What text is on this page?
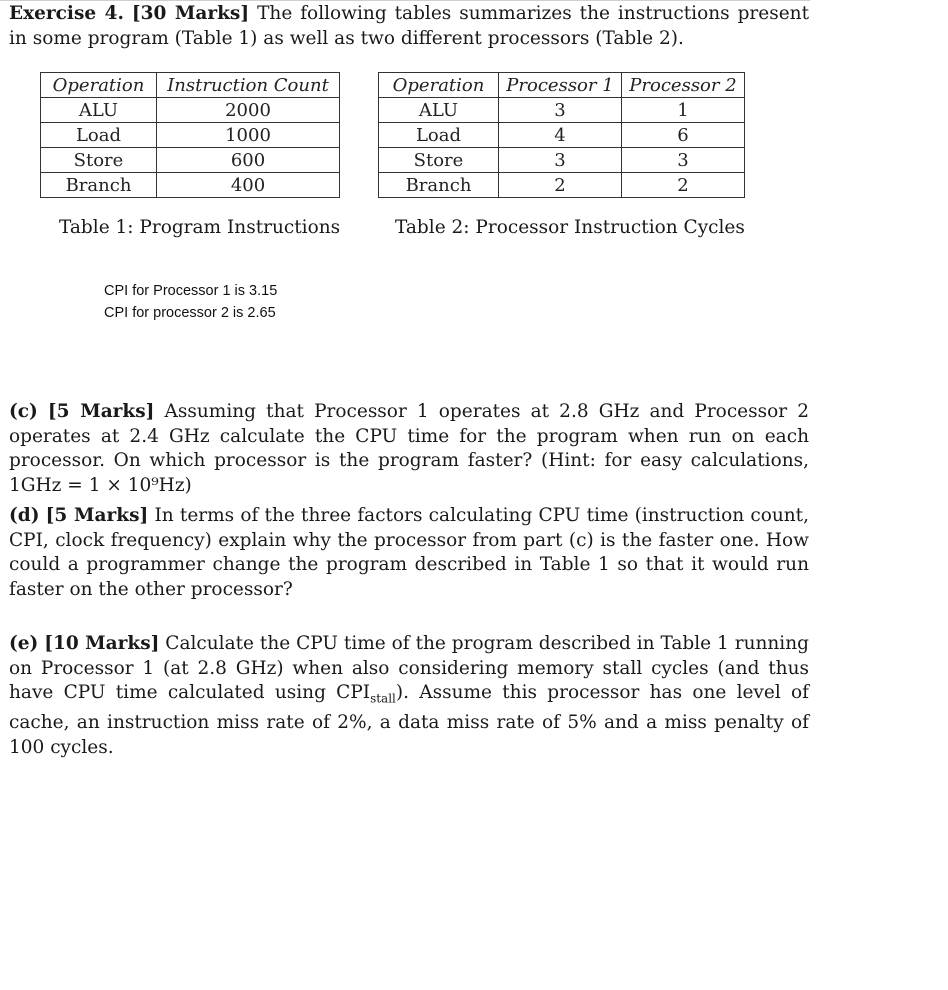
Exercise 4. [30 Marks] The following tables summarizes the instructions present in some program (Table 1) as well as two different processors (Table 2).
Operation	Instruction Count
ALU	2000
Load	1000
Store	600
Branch	400
Operation	Processor 1	Processor 2
ALU	3	1
Load	4	6
Store	3	3
Branch	2	2
Table 1: Program Instructions	Table 2: Processor Instruction Cycles
CPI for Processor 1 is 3.15
CPI for processor 2 is 2.65
(c) [5 Marks] Assuming that Processor 1 operates at 2.8 GHz and Processor 2 operates at 2.4 GHz calculate the CPU time for the program when run on each processor. On which processor is the program faster? (Hint: for easy calculations, 1GHz = 1 × 10⁹Hz)
(d) [5 Marks] In terms of the three factors calculating CPU time (instruction count, CPI, clock frequency) explain why the processor from part (c) is the faster one. How could a programmer change the program described in Table 1 so that it would run faster on the other processor?
(e) [10 Marks] Calculate the CPU time of the program described in Table 1 running on Processor 1 (at 2.8 GHz) when also considering memory stall cycles (and thus have CPU time calculated using $CPI_{stall}$). Assume this processor has one level of cache, an instruction miss rate of 2%, a data miss rate of 5% and a miss penalty of 100 cycles.
